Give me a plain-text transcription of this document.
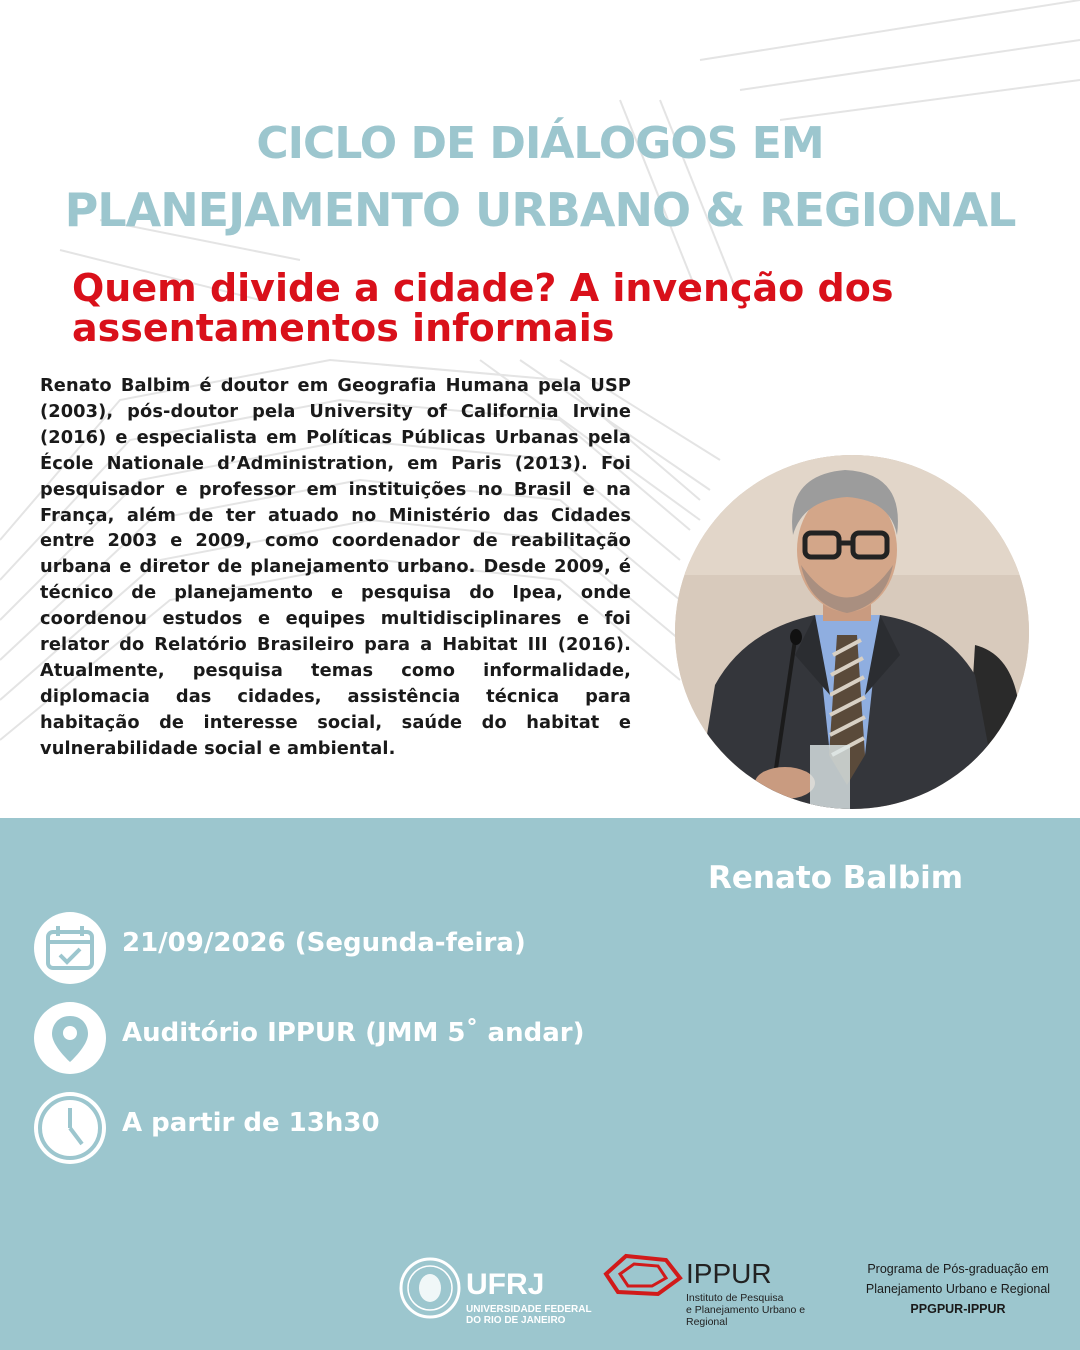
CICLO DE DIÁLOGOS EM
PLANEJAMENTO URBANO & REGIONAL
Quem divide a cidade? A invenção dos assentamentos informais
Renato Balbim é doutor em Geografia Humana pela USP (2003), pós-doutor pela University of California Irvine (2016) e especialista em Políticas Públicas Urbanas pela École Nationale d’Administration, em Paris (2013). Foi pesquisador e professor em instituições no Brasil e na França, além de ter atuado no Ministério das Cidades entre 2003 e 2009, como coordenador de reabilitação urbana e diretor de planejamento urbano. Desde 2009, é técnico de planejamento e pesquisa do Ipea, onde coordenou estudos e equipes multidisciplinares e foi relator do Relatório Brasileiro para a Habitat III (2016). Atualmente, pesquisa temas como informalidade, diplomacia das cidades, assistência técnica para habitação de interesse social, saúde do habitat e vulnerabilidade social e ambiental.
Renato Balbim
21/09/2026 (Segunda-feira)
Auditório IPPUR (JMM 5˚ andar)
A partir de 13h30
UFRJ
UNIVERSIDADE FEDERAL
DO RIO DE JANEIRO
IPPUR
Instituto de Pesquisa
e Planejamento Urbano e Regional
Programa de Pós-graduação em
Planejamento Urbano e Regional
PPGPUR-IPPUR
